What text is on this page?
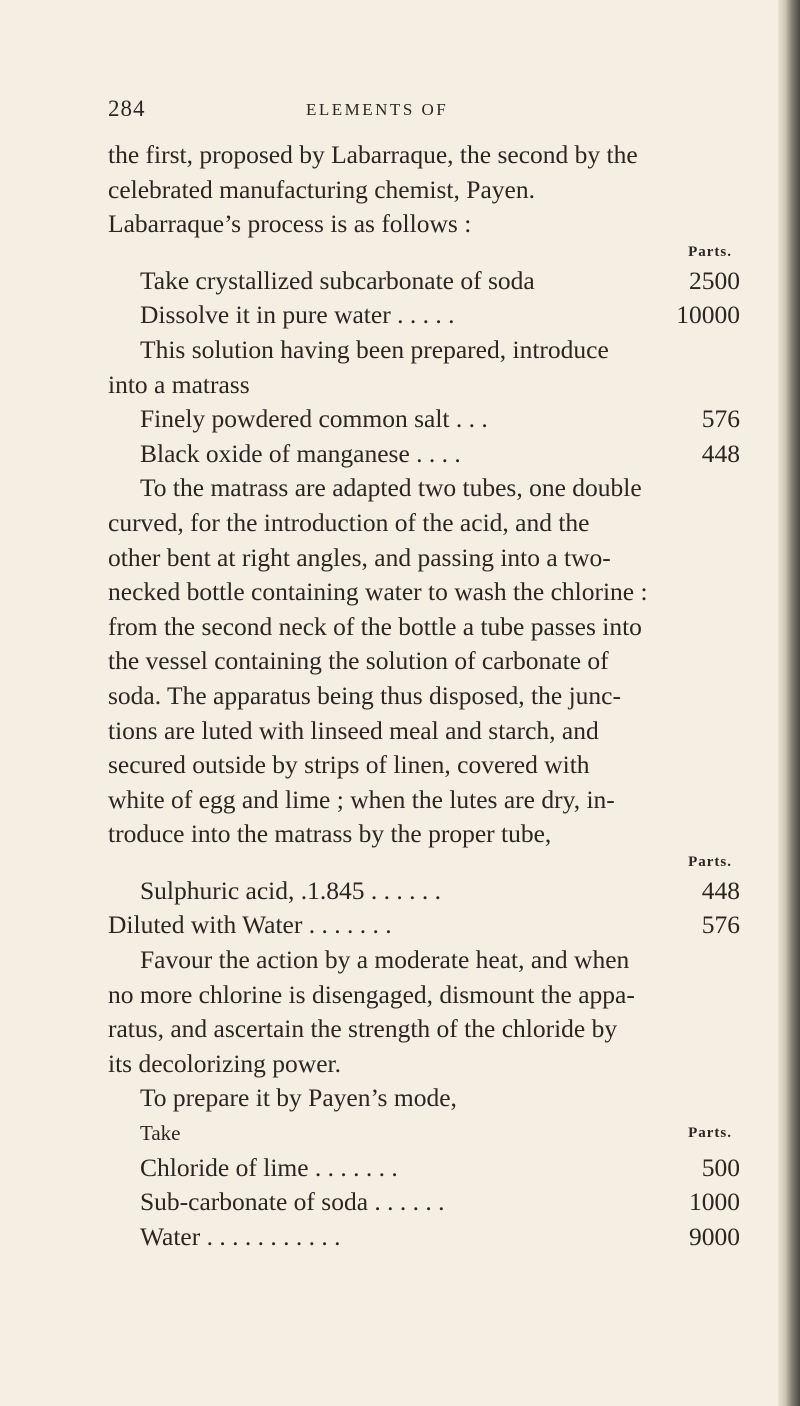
284	ELEMENTS OF
the first, proposed by Labarraque, the second by the
celebrated manufacturing chemist, Payen.
Labarraque’s process is as follows :
Parts.
Take crystallized subcarbonate of soda	2500
Dissolve it in pure water . . . . .	10000
This solution having been prepared, introduce
into a matrass
Finely powdered common salt . . .	576
Black oxide of manganese . . . .	448
To the matrass are adapted two tubes, one double
curved, for the introduction of the acid, and the
other bent at right angles, and passing into a two-
necked bottle containing water to wash the chlorine :
from the second neck of the bottle a tube passes into
the vessel containing the solution of carbonate of
soda. The apparatus being thus disposed, the junc-
tions are luted with linseed meal and starch, and
secured outside by strips of linen, covered with
white of egg and lime ; when the lutes are dry, in-
troduce into the matrass by the proper tube,
Parts.
Sulphuric acid, .1.845 . . . . . .	448
Diluted with Water . . . . . . .	576
Favour the action by a moderate heat, and when
no more chlorine is disengaged, dismount the appa-
ratus, and ascertain the strength of the chloride by
its decolorizing power.
To prepare it by Payen’s mode,
Take	Parts.
Chloride of lime . . . . . . .	500
Sub-carbonate of soda . . . . . .	1000
Water . . . . . . . . . . .	9000
